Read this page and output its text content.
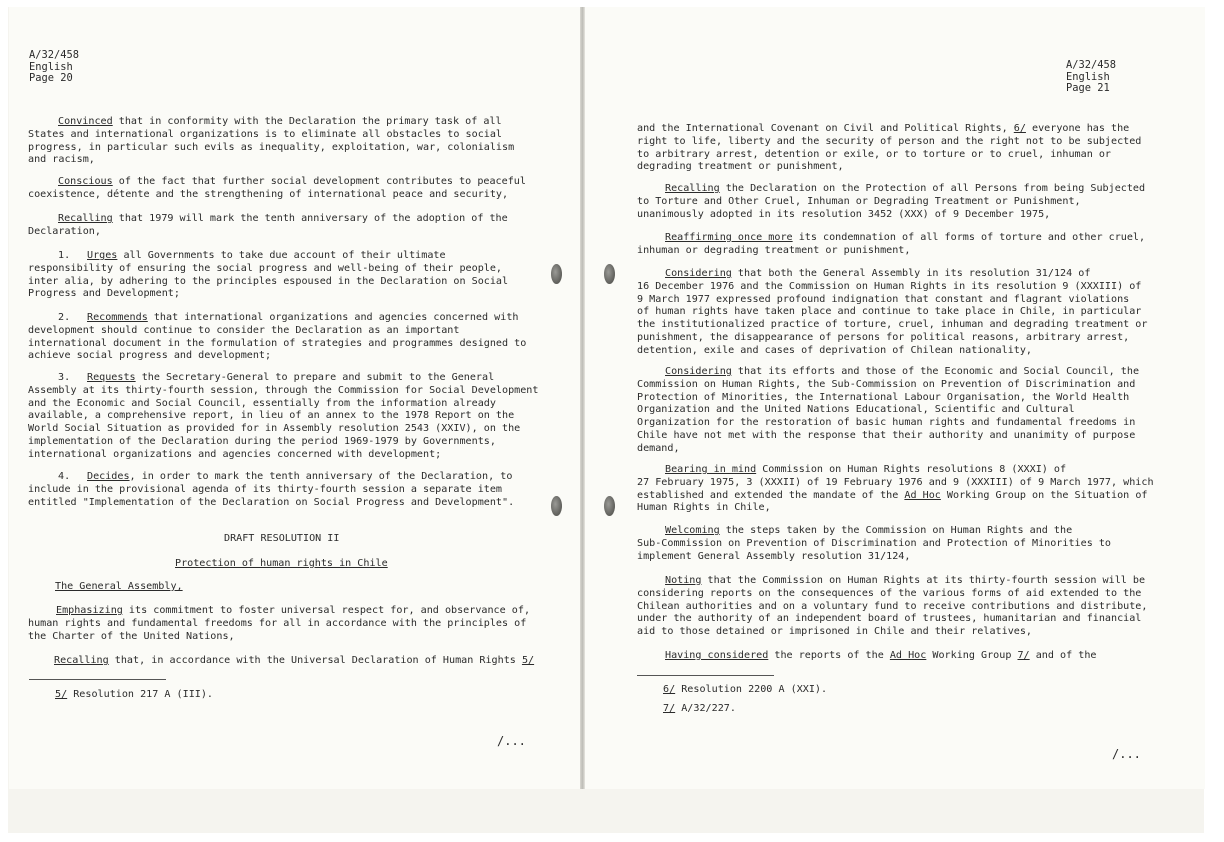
A/32/458
English
Page 20
Convinced that in conformity with the Declaration the primary task of all
States and international organizations is to eliminate all obstacles to social
progress, in particular such evils as inequality, exploitation, war, colonialism
and racism,
Conscious of the fact that further social development contributes to peaceful
coexistence, détente and the strengthening of international peace and security,
Recalling that 1979 will mark the tenth anniversary of the adoption of the
Declaration,
1. Urges all Governments to take due account of their ultimate
responsibility of ensuring the social progress and well-being of their people,
inter alia, by adhering to the principles espoused in the Declaration on Social
Progress and Development;
2. Recommends that international organizations and agencies concerned with
development should continue to consider the Declaration as an important
international document in the formulation of strategies and programmes designed to
achieve social progress and development;
3. Requests the Secretary-General to prepare and submit to the General
Assembly at its thirty-fourth session, through the Commission for Social Development
and the Economic and Social Council, essentially from the information already
available, a comprehensive report, in lieu of an annex to the 1978 Report on the
World Social Situation as provided for in Assembly resolution 2543 (XXIV), on the
implementation of the Declaration during the period 1969-1979 by Governments,
international organizations and agencies concerned with development;
4. Decides, in order to mark the tenth anniversary of the Declaration, to
include in the provisional agenda of its thirty-fourth session a separate item
entitled "Implementation of the Declaration on Social Progress and Development".
DRAFT RESOLUTION II
Protection of human rights in Chile
The General Assembly,
Emphasizing its commitment to foster universal respect for, and observance of,
human rights and fundamental freedoms for all in accordance with the principles of
the Charter of the United Nations,
Recalling that, in accordance with the Universal Declaration of Human Rights 5/
5/ Resolution 217 A (III).
/...
A/32/458
English
Page 21
and the International Covenant on Civil and Political Rights, 6/ everyone has the
right to life, liberty and the security of person and the right not to be subjected
to arbitrary arrest, detention or exile, or to torture or to cruel, inhuman or
degrading treatment or punishment,
Recalling the Declaration on the Protection of all Persons from being Subjected
to Torture and Other Cruel, Inhuman or Degrading Treatment or Punishment,
unanimously adopted in its resolution 3452 (XXX) of 9 December 1975,
Reaffirming once more its condemnation of all forms of torture and other cruel,
inhuman or degrading treatment or punishment,
Considering that both the General Assembly in its resolution 31/124 of
16 December 1976 and the Commission on Human Rights in its resolution 9 (XXXIII) of
9 March 1977 expressed profound indignation that constant and flagrant violations
of human rights have taken place and continue to take place in Chile, in particular
the institutionalized practice of torture, cruel, inhuman and degrading treatment or
punishment, the disappearance of persons for political reasons, arbitrary arrest,
detention, exile and cases of deprivation of Chilean nationality,
Considering that its efforts and those of the Economic and Social Council, the
Commission on Human Rights, the Sub-Commission on Prevention of Discrimination and
Protection of Minorities, the International Labour Organisation, the World Health
Organization and the United Nations Educational, Scientific and Cultural
Organization for the restoration of basic human rights and fundamental freedoms in
Chile have not met with the response that their authority and unanimity of purpose
demand,
Bearing in mind Commission on Human Rights resolutions 8 (XXXI) of
27 February 1975, 3 (XXXII) of 19 February 1976 and 9 (XXXIII) of 9 March 1977, which
established and extended the mandate of the Ad Hoc Working Group on the Situation of
Human Rights in Chile,
Welcoming the steps taken by the Commission on Human Rights and the
Sub-Commission on Prevention of Discrimination and Protection of Minorities to
implement General Assembly resolution 31/124,
Noting that the Commission on Human Rights at its thirty-fourth session will be
considering reports on the consequences of the various forms of aid extended to the
Chilean authorities and on a voluntary fund to receive contributions and distribute,
under the authority of an independent board of trustees, humanitarian and financial
aid to those detained or imprisoned in Chile and their relatives,
Having considered the reports of the Ad Hoc Working Group 7/ and of the
6/ Resolution 2200 A (XXI).
7/ A/32/227.
/...
